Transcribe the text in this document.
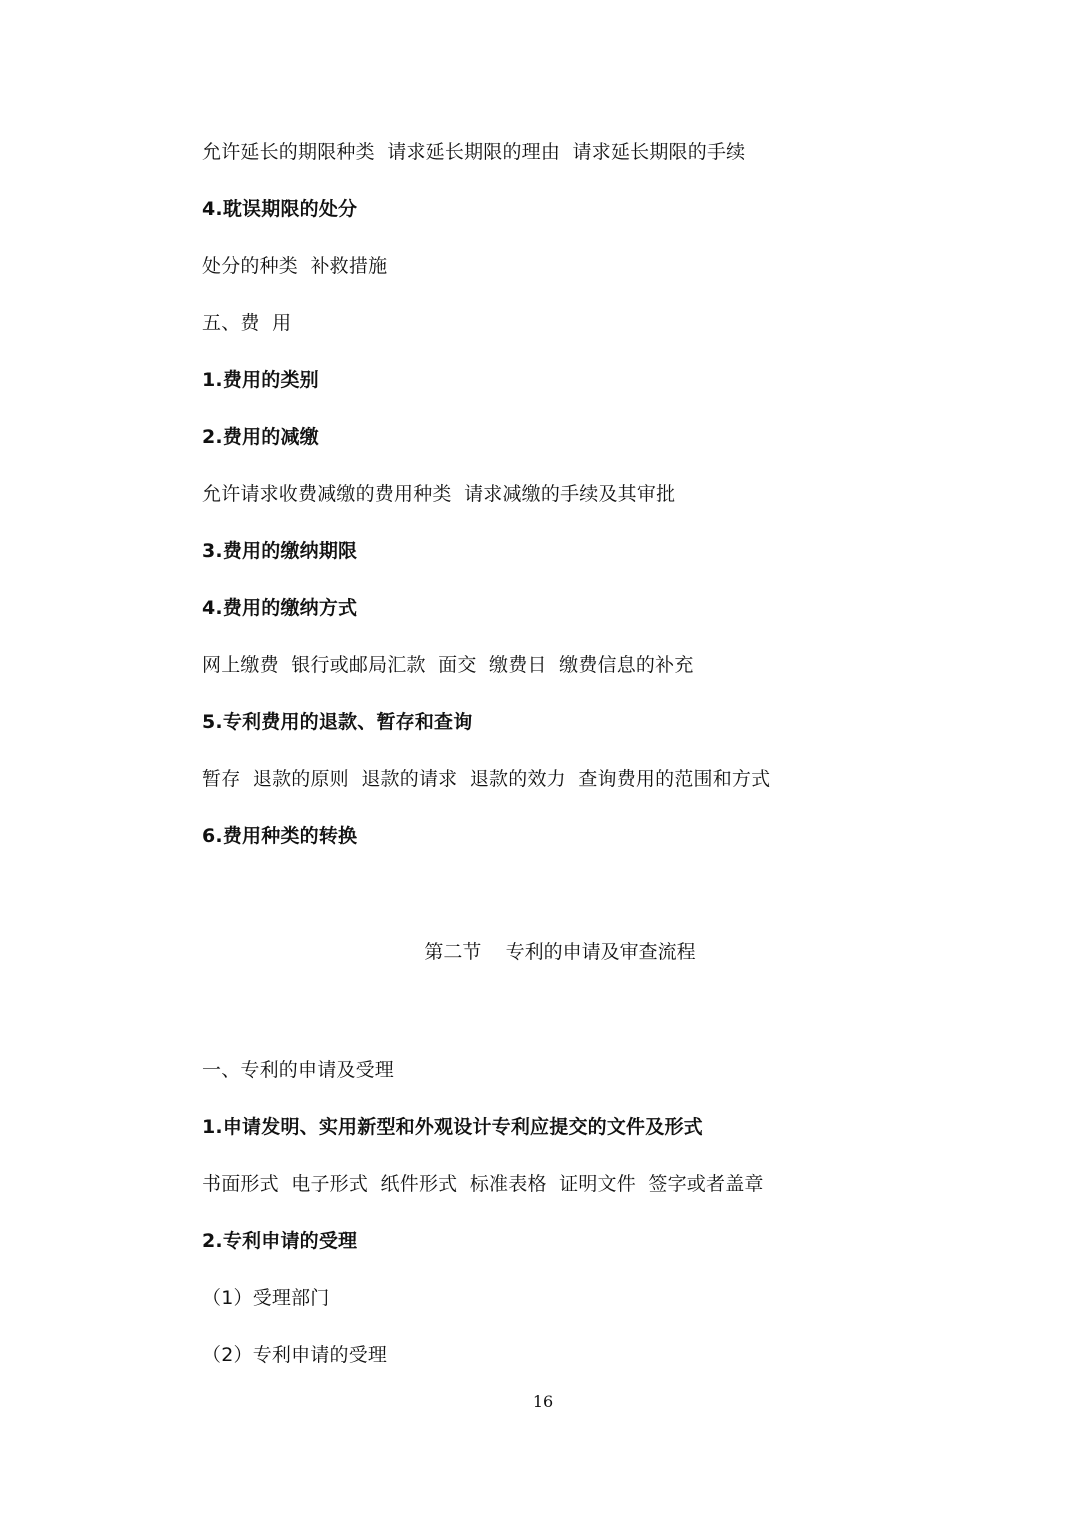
允许延长的期限种类  请求延长期限的理由  请求延长期限的手续
4.耽误期限的处分
处分的种类  补救措施
五、费  用
1.费用的类别
2.费用的减缴
允许请求收费减缴的费用种类  请求减缴的手续及其审批
3.费用的缴纳期限
4.费用的缴纳方式
网上缴费  银行或邮局汇款  面交  缴费日  缴费信息的补充
5.专利费用的退款、暂存和查询
暂存  退款的原则  退款的请求  退款的效力  查询费用的范围和方式
6.费用种类的转换
第二节    专利的申请及审查流程
一、专利的申请及受理
1.申请发明、实用新型和外观设计专利应提交的文件及形式
书面形式  电子形式  纸件形式  标准表格  证明文件  签字或者盖章
2.专利申请的受理
（1）受理部门
（2）专利申请的受理
16
